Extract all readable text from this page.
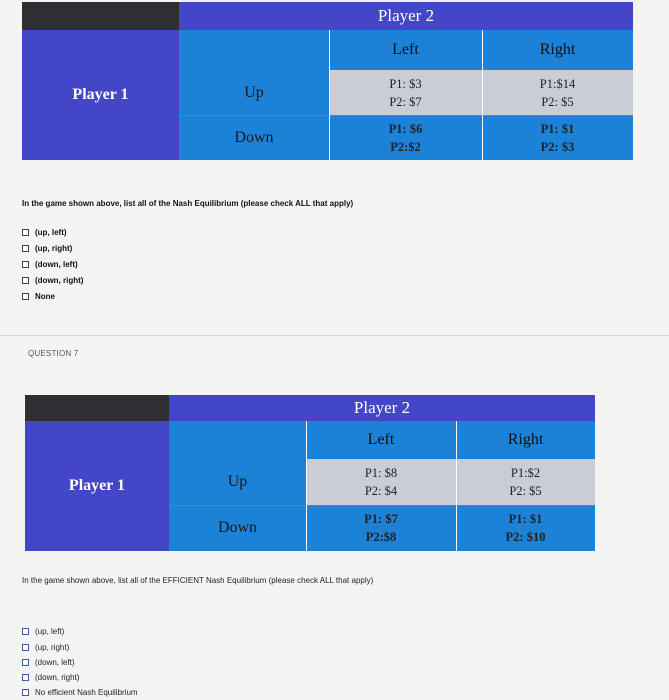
Player 2
Player 1
Left	Right
Up
Down
P1: $3
P2: $7
P1:$14
P2: $5
P1: $6
P2:$2
P1: $1
P2: $3
In the game shown above, list all of the Nash Equilibrium (please check ALL that apply)
(up, left)
(up, right)
(down, left)
(down, right)
None
QUESTION 7
Player 2
Player 1
Left	Right
Up
Down
P1: $8
P2: $4
P1:$2
P2: $5
P1: $7
P2:$8
P1: $1
P2: $10
In the game shown above, list all of the EFFICIENT Nash Equilibrium (please check ALL that apply)
(up, left)
(up, right)
(down, left)
(down, right)
No efficient Nash Equilibrium
